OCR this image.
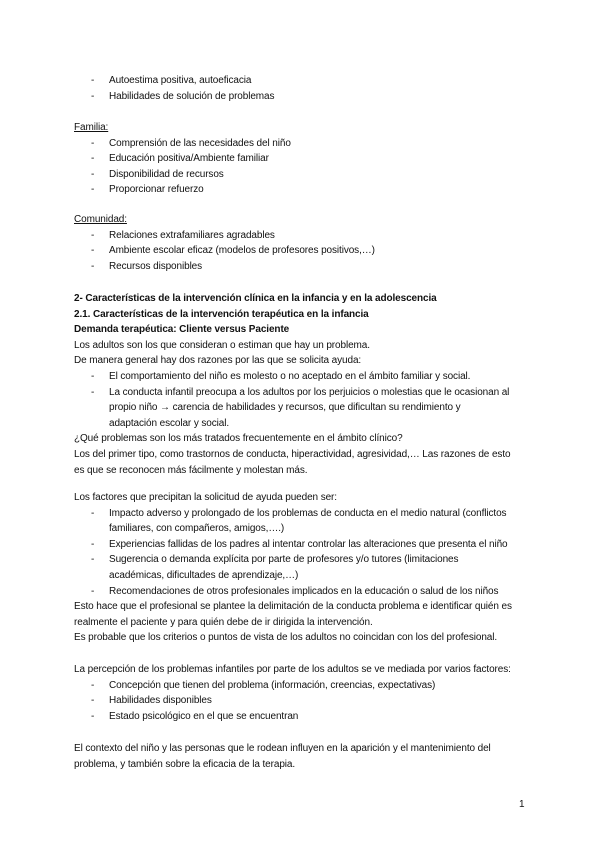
- Autoestima positiva, autoeficacia
- Habilidades de solución de problemas
Familia:
- Comprensión de las necesidades del niño
- Educación positiva/Ambiente familiar
- Disponibilidad de recursos
- Proporcionar refuerzo
Comunidad:
- Relaciones extrafamiliares agradables
- Ambiente escolar eficaz (modelos de profesores positivos,…)
- Recursos disponibles
2- Características de la intervención clínica en la infancia y en la adolescencia
2.1. Características de la intervención terapéutica en la infancia
Demanda terapéutica: Cliente versus Paciente
Los adultos son los que consideran o estiman que hay un problema.
De manera general hay dos razones por las que se solicita ayuda:
- El comportamiento del niño es molesto o no aceptado en el ámbito familiar y social.
- La conducta infantil preocupa a los adultos por los perjuicios o molestias que le ocasionan al
propio niño → carencia de habilidades y recursos, que dificultan su rendimiento y
adaptación escolar y social.
¿Qué problemas son los más tratados frecuentemente en el ámbito clínico?
Los del primer tipo, como trastornos de conducta, hiperactividad, agresividad,… Las razones de esto
es que se reconocen más fácilmente y molestan más.
Los factores que precipitan la solicitud de ayuda pueden ser:
- Impacto adverso y prolongado de los problemas de conducta en el medio natural (conflictos
familiares, con compañeros, amigos,….)
- Experiencias fallidas de los padres al intentar controlar las alteraciones que presenta el niño
- Sugerencia o demanda explícita por parte de profesores y/o tutores (limitaciones
académicas, dificultades de aprendizaje,…)
- Recomendaciones de otros profesionales implicados en la educación o salud de los niños
Esto hace que el profesional se plantee la delimitación de la conducta problema e identificar quién es
realmente el paciente y para quién debe de ir dirigida la intervención.
Es probable que los criterios o puntos de vista de los adultos no coincidan con los del profesional.
La percepción de los problemas infantiles por parte de los adultos se ve mediada por varios factores:
- Concepción que tienen del problema (información, creencias, expectativas)
- Habilidades disponibles
- Estado psicológico en el que se encuentran
El contexto del niño y las personas que le rodean influyen en la aparición y el mantenimiento del
problema, y también sobre la eficacia de la terapia.
1
